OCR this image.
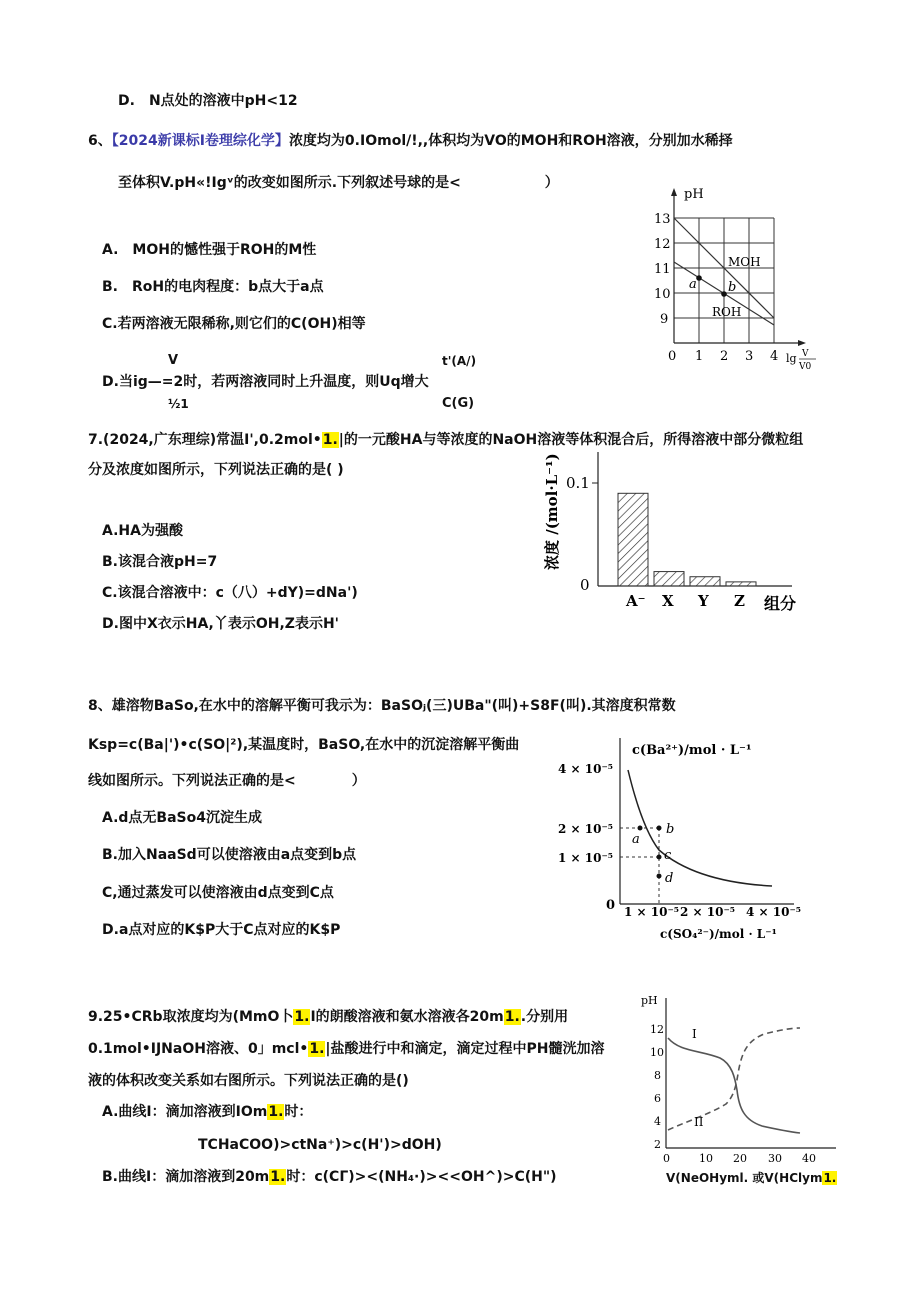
D.　N点处的溶液中pH<12
6、【2024新课标Ⅰ卷理综化学】浓度均为0.IOmol/!,,体积均为VO的MOH和ROH溶液，分别加水稀择
至体积V.pH«!Igᵛ的改变如图所示.下列叙述号球的是<　　　　　　）
A.　MOH的憾性强于ROH的M性
B.　RoH的电肉程度：b点大于a点
C.若两溶液无限稀称,则它们的C(OH)相等
V	t'(A/)
D.当ig—=2时，若两溶液同时上升温度，则Uq增大
½1	C(G)
pH
13
12
11
10
9
0 1 2 3 4 lg V
V0
a b
MOH
ROH
7.(2024,广东理综)常温I',0.2mol•1.|的一元酸HA与等浓度的NaOH溶液等体积混合后，所得溶液中部分微粒组
分及浓度如图所示，下列说法正确的是( )
A.HA为强酸
B.该混合液pH=7
C.该混合溶液中：c（八）+dY)=dNa')
D.图中X衣示HA,丫表示OH,Z表示H'
0.1
0
浓度 /(mol·L⁻¹)
组分
A⁻ X Y Z
8、雄溶物BaSo,在水中的溶解平衡可我示为：BaSOⱼ(三)UBa"(叫)+S8F(叫).其溶度积常数
Ksp=c(Ba|')•c(SO|²),某温度时，BaSO,在水中的沉淀溶解平衡曲
线如图所示。下列说法正确的是<　　　　）
A.d点无BaSo4沉淀生成
B.加入NaaSd可以使溶液由a点变到b点
C,通过蒸发可以使溶液由d点变到C点
D.a点对应的K$P大于C点对应的K$P
c(Ba²⁺)/mol · L⁻¹
c(SO₄²⁻)/mol · L⁻¹
4 × 10⁻⁵
2 × 10⁻⁵
1 × 10⁻⁵
0 1 × 10⁻⁵ 2 × 10⁻⁵ 4 × 10⁻⁵
a
b
c
d
9.25•CRb取浓度均为(MmO卜1.I的朗酸溶液和氨水溶液各20m1..分别用
0.1mol•IJNaOH溶液、0」mcl•1.|盐酸进行中和滴定，滴定过程中PH髓洸加溶
液的体积改变关系如右图所示。下列说法正确的是()
A.曲线I：滴加溶液到IOm1.时：
TCHaCOO)>ctNa⁺)>c(H')>dOH)
B.曲线I：滴加溶液到20m1.时：c(CГ)><(NH₄·)><<OH^)>C(H")
pH
12
10
8
6
4
2
0	10 20 30 40
I
II
V(NeOHyml. 或V(HClym1.
